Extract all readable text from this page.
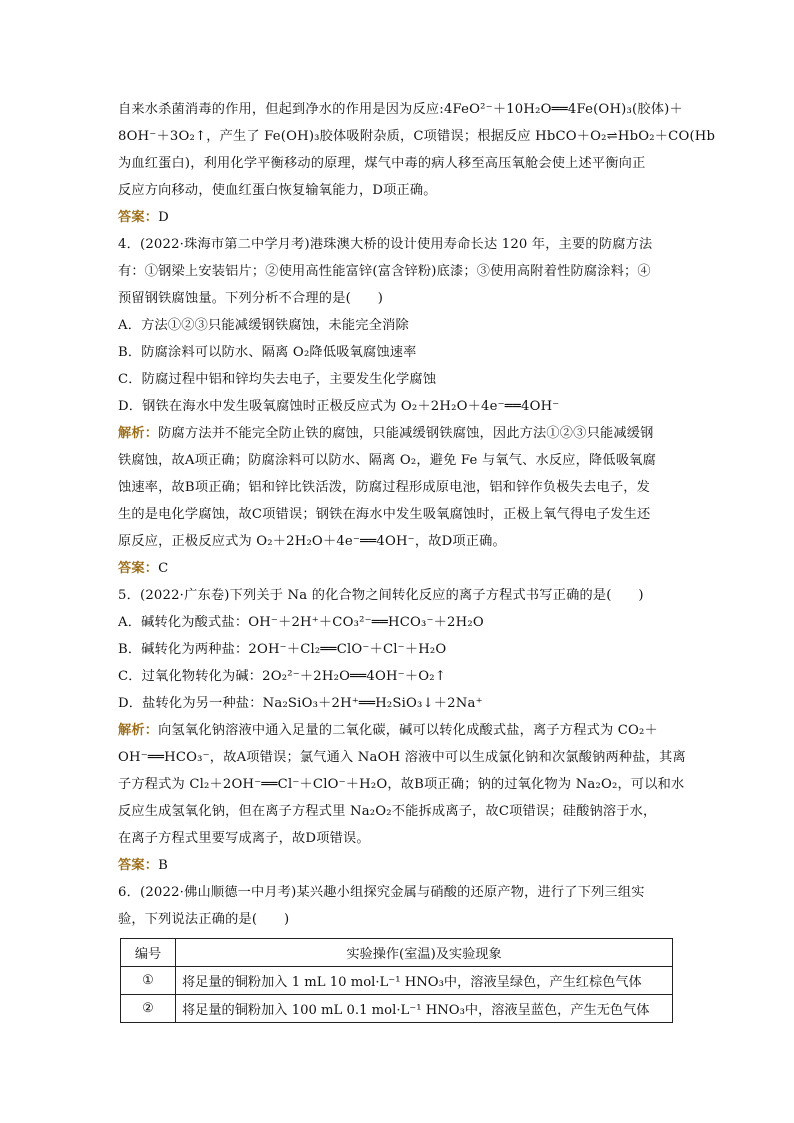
自来水杀菌消毒的作用，但起到净水的作用是因为反应:4FeO²⁻＋10H₂O══4Fe(OH)₃(胶体)＋
8OH⁻＋3O₂↑，产生了 Fe(OH)₃胶体吸附杂质，C项错误；根据反应 HbCO＋O₂⇌HbO₂＋CO(Hb
为血红蛋白)，利用化学平衡移动的原理，煤气中毒的病人移至高压氧舱会使上述平衡向正
反应方向移动，使血红蛋白恢复输氧能力，D项正确。
答案：D
4．(2022·珠海市第二中学月考)港珠澳大桥的设计使用寿命长达 120 年，主要的防腐方法
有：①钢梁上安装铝片；②使用高性能富锌(富含锌粉)底漆；③使用高附着性防腐涂料；④
预留钢铁腐蚀量。下列分析不合理的是(　　)
A．方法①②③只能减缓钢铁腐蚀，未能完全消除
B．防腐涂料可以防水、隔离 O₂降低吸氧腐蚀速率
C．防腐过程中铝和锌均失去电子，主要发生化学腐蚀
D．钢铁在海水中发生吸氧腐蚀时正极反应式为 O₂＋2H₂O＋4e⁻══4OH⁻
解析：防腐方法并不能完全防止铁的腐蚀，只能减缓钢铁腐蚀，因此方法①②③只能减缓钢
铁腐蚀，故A项正确；防腐涂料可以防水、隔离 O₂，避免 Fe 与氧气、水反应，降低吸氧腐
蚀速率，故B项正确；铝和锌比铁活泼，防腐过程形成原电池，铝和锌作负极失去电子，发
生的是电化学腐蚀，故C项错误；钢铁在海水中发生吸氧腐蚀时，正极上氧气得电子发生还
原反应，正极反应式为 O₂＋2H₂O＋4e⁻══4OH⁻，故D项正确。
答案：C
5．(2022·广东卷)下列关于 Na 的化合物之间转化反应的离子方程式书写正确的是(　　)
A．碱转化为酸式盐：OH⁻＋2H⁺＋CO₃²⁻══HCO₃⁻＋2H₂O
B．碱转化为两种盐：2OH⁻＋Cl₂══ClO⁻＋Cl⁻＋H₂O
C．过氧化物转化为碱：2O₂²⁻＋2H₂O══4OH⁻＋O₂↑
D．盐转化为另一种盐：Na₂SiO₃＋2H⁺══H₂SiO₃↓＋2Na⁺
解析：向氢氧化钠溶液中通入足量的二氧化碳，碱可以转化成酸式盐，离子方程式为 CO₂＋
OH⁻══HCO₃⁻，故A项错误；氯气通入 NaOH 溶液中可以生成氯化钠和次氯酸钠两种盐，其离
子方程式为 Cl₂＋2OH⁻══Cl⁻＋ClO⁻＋H₂O，故B项正确；钠的过氧化物为 Na₂O₂，可以和水
反应生成氢氧化钠，但在离子方程式里 Na₂O₂不能拆成离子，故C项错误；硅酸钠溶于水，
在离子方程式里要写成离子，故D项错误。
答案：B
6．(2022·佛山顺德一中月考)某兴趣小组探究金属与硝酸的还原产物，进行了下列三组实
验，下列说法正确的是(　　)
编号	实验操作(室温)及实验现象
①	将足量的铜粉加入 1 mL 10 mol·L⁻¹ HNO₃中，溶液呈绿色，产生红棕色气体
②	将足量的铜粉加入 100 mL 0.1 mol·L⁻¹ HNO₃中，溶液呈蓝色，产生无色气体
